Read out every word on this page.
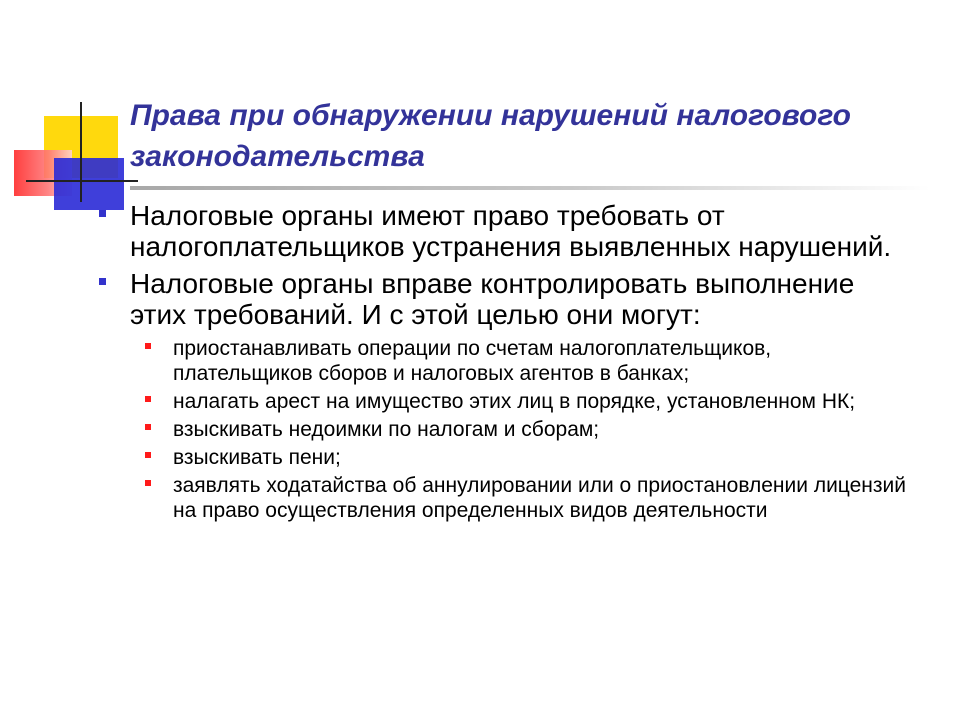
Права при обнаружении нарушений налогового законодательства
Налоговые органы имеют право требовать от налогоплательщиков устранения выявленных нарушений.
Налоговые органы вправе контролировать выполнение этих требований. И с этой целью они могут:
приостанавливать операции по счетам налогоплательщиков, плательщиков сборов и налоговых агентов в банках;
налагать арест на имущество этих лиц в порядке, установленном НК;
взыскивать недоимки по налогам и сборам;
взыскивать пени;
заявлять ходатайства об аннулировании или о приостановлении лицензий на право осуществления определенных видов деятельности
